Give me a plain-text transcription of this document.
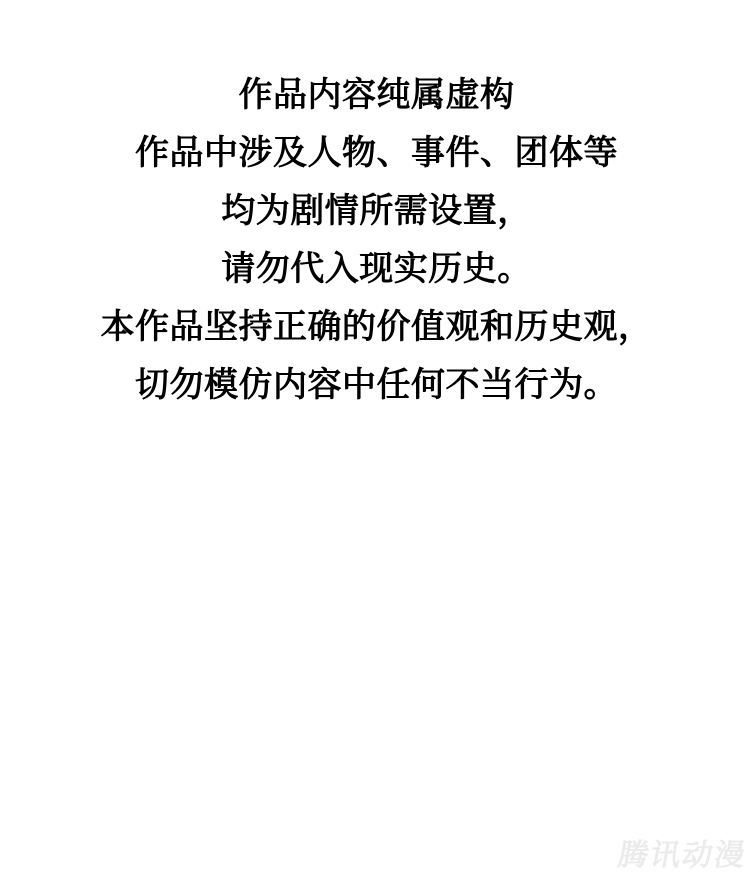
作品内容纯属虚构
作品中涉及人物、事件、团体等
均为剧情所需设置，
请勿代入现实历史。
本作品坚持正确的价值观和历史观，
切勿模仿内容中任何不当行为。
腾讯动漫
